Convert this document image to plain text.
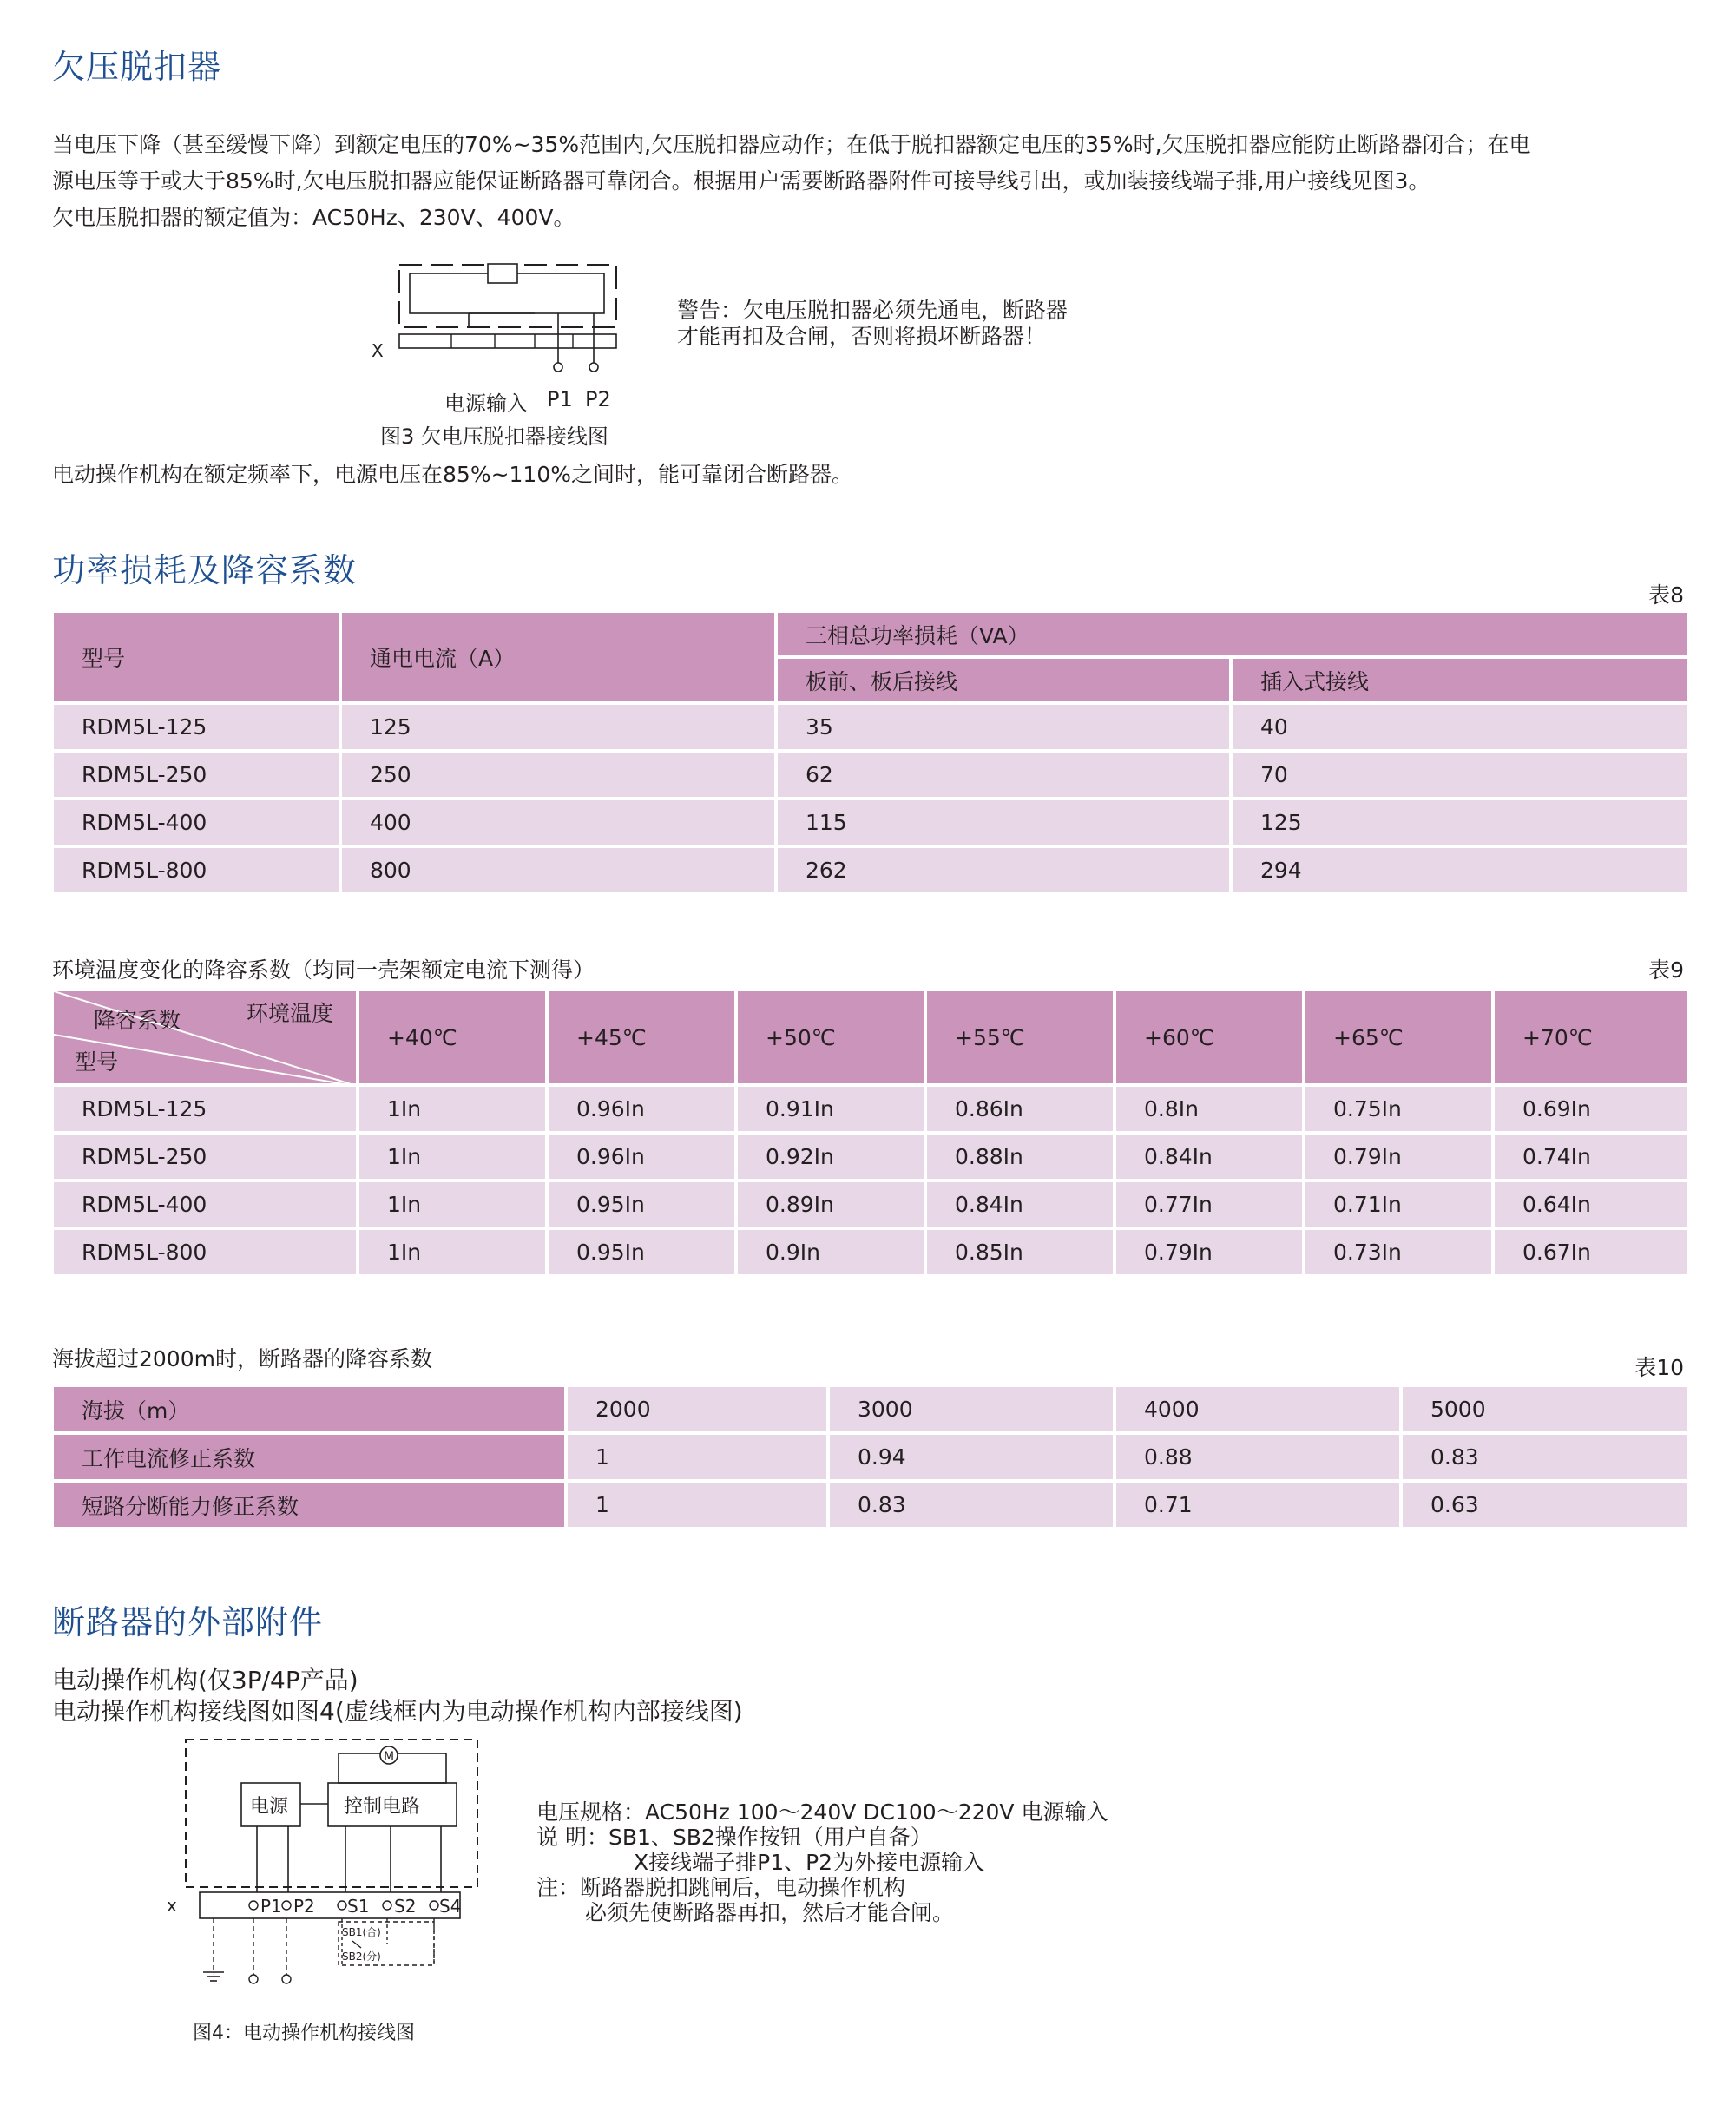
欠压脱扣器
当电压下降（甚至缓慢下降）到额定电压的70%~35%范围内,欠压脱扣器应动作；在低于脱扣器额定电压的35%时,欠压脱扣器应能防止断路器闭合；在电
源电压等于或大于85%时,欠电压脱扣器应能保证断路器可靠闭合。根据用户需要断路器附件可接导线引出，或加装接线端子排,用户接线见图3。
欠电压脱扣器的额定值为：AC50Hz、230V、400V。
X
电源输入 P1 P2
图3 欠电压脱扣器接线图
警告：欠电压脱扣器必须先通电，断路器
才能再扣及合闸，否则将损坏断路器！
电动操作机构在额定频率下，电源电压在85%~110%之间时，能可靠闭合断路器。
功率损耗及降容系数
表8
型号	通电电流（A）	三相总功率损耗（VA）	
		板前、板后接线	插入式接线
RDM5L-125	125	35	40
RDM5L-250	250	62	70
RDM5L-400	400	115	125
RDM5L-800	800	262	294
环境温度变化的降容系数（均同一壳架额定电流下测得）	表9
降容系数 环境温度
型号	+40℃	+45℃	+50℃	+55℃	+60℃	+65℃	+70℃
RDM5L-125	1In	0.96In	0.91In	0.86In	0.8In	0.75In	0.69In
RDM5L-250	1In	0.96In	0.92In	0.88In	0.84In	0.79In	0.74In
RDM5L-400	1In	0.95In	0.89In	0.84In	0.77In	0.71In	0.64In
RDM5L-800	1In	0.95In	0.9In	0.85In	0.79In	0.73In	0.67In
海拔超过2000m时，断路器的降容系数	表10
海拔（m）	2000	3000	4000	5000
工作电流修正系数	1	0.94	0.88	0.83
短路分断能力修正系数	1	0.83	0.71	0.63
断路器的外部附件
电动操作机构(仅3P/4P产品)
电动操作机构接线图如图4(虚线框内为电动操作机构内部接线图)
M
电源	控制电路
x	P1 P2 S1 S2 S4
SB1(合)
SB2(分)
图4：电动操作机构接线图
电压规格：AC50Hz 100～240V DC100～220V 电源输入
说 明：SB1、SB2操作按钮（用户自备）
X接线端子排P1、P2为外接电源输入
注：断路器脱扣跳闸后，电动操作机构
必须先使断路器再扣，然后才能合闸。
